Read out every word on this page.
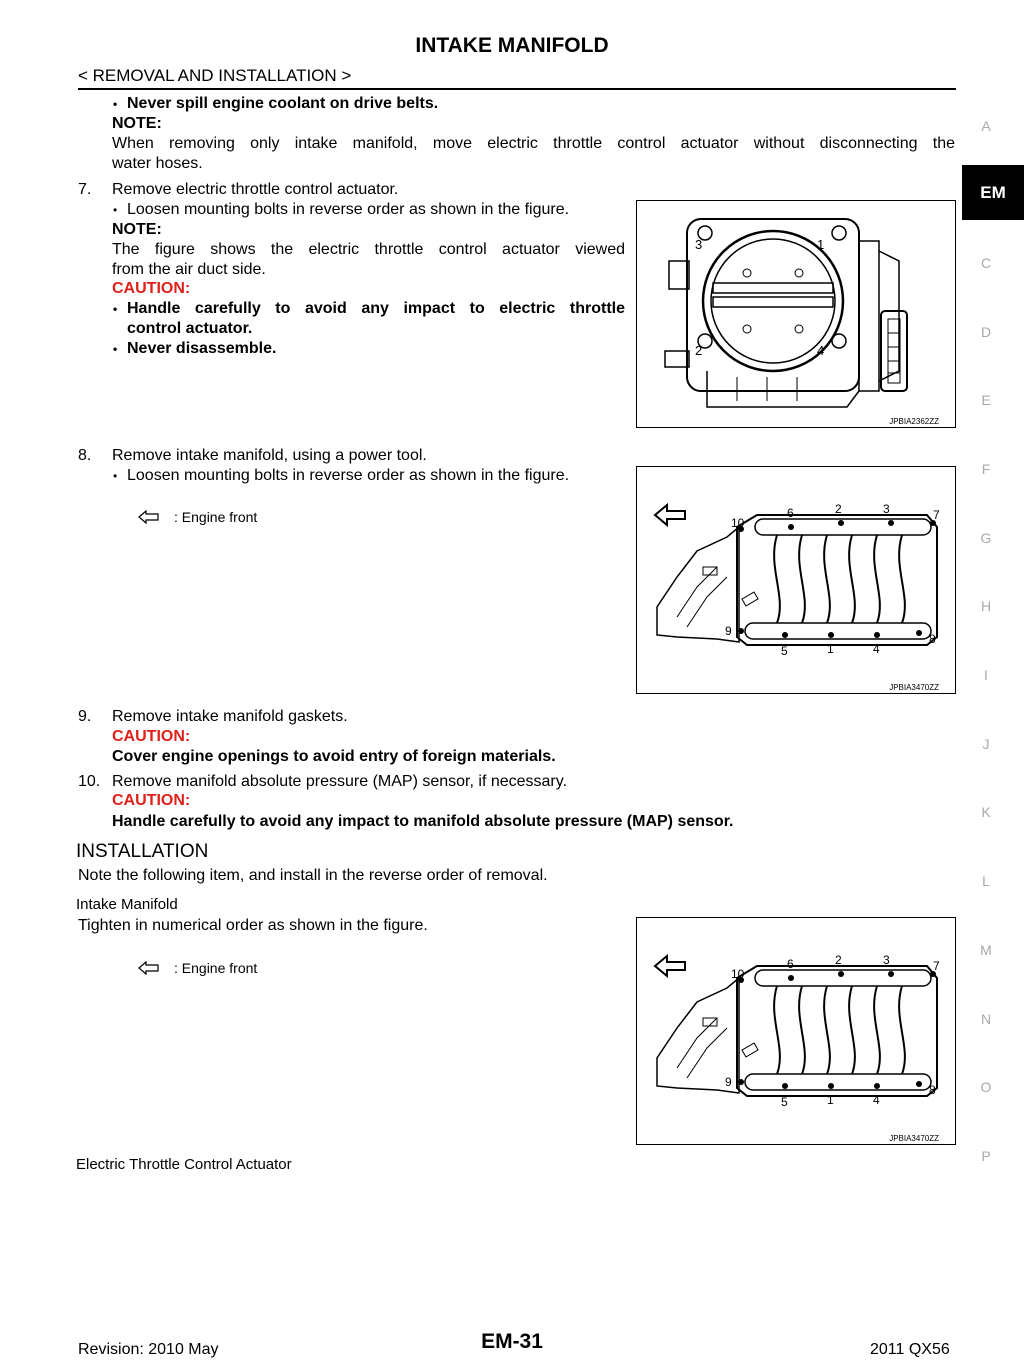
INTAKE MANIFOLD
< REMOVAL AND INSTALLATION >
EM
A
C
D
E
F
G
H
I
J
K
L
M
N
O
P
• Never spill engine coolant on drive belts.
NOTE:
When removing only intake manifold, move electric throttle control actuator without disconnecting the
water hoses.
7. Remove electric throttle control actuator.
• Loosen mounting bolts in reverse order as shown in the figure.
NOTE:
The figure shows the electric throttle control actuator viewed
from the air duct side.
CAUTION:
• Handle carefully to avoid any impact to electric throttle
control actuator.
• Never disassemble.
3	1
2	4
JPBIA2362ZZ
8. Remove intake manifold, using a power tool.
• Loosen mounting bolts in reverse order as shown in the figure.
: Engine front	10
6	2	3	7
9
5	1	4
8
JPBIA3470ZZ
9. Remove intake manifold gaskets.
CAUTION:
Cover engine openings to avoid entry of foreign materials.
10. Remove manifold absolute pressure (MAP) sensor, if necessary.
CAUTION:
Handle carefully to avoid any impact to manifold absolute pressure (MAP) sensor.
INSTALLATION
Note the following item, and install in the reverse order of removal.
Intake Manifold
Tighten in numerical order as shown in the figure.
: Engine front	10
6	2	3	7
9
5	1	4
8
JPBIA3470ZZ
Electric Throttle Control Actuator
Revision: 2010 May	EM-31	2011 QX56
